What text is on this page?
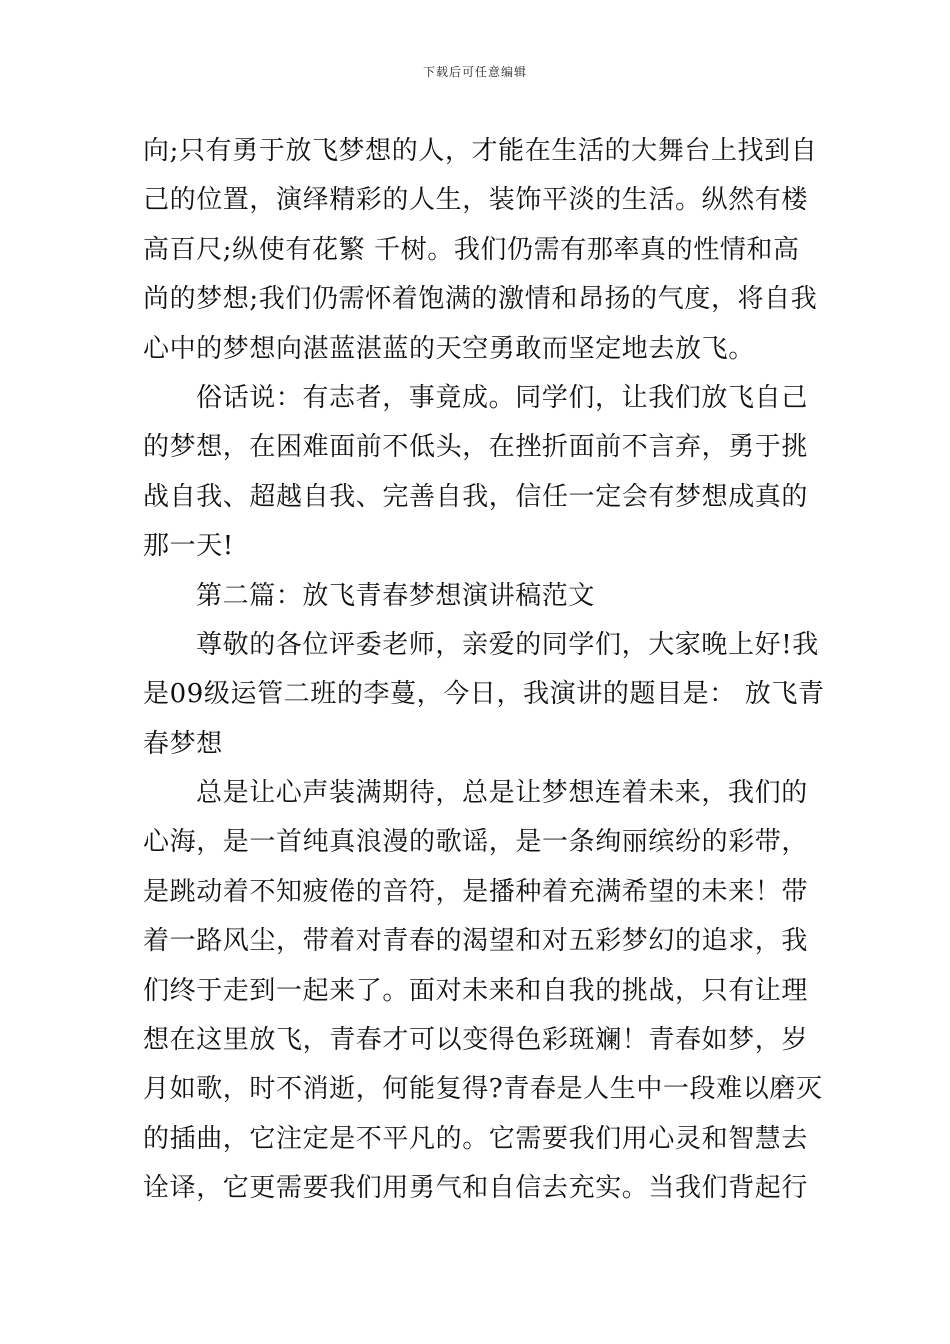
下载后可任意编辑
向;只有勇于放飞梦想的人，才能在生活的大舞台上找到自
己的位置，演绎精彩的人生，装饰平淡的生活。纵然有楼
高百尺;纵使有花繁 千树。我们仍需有那率真的性情和高
尚的梦想;我们仍需怀着饱满的激情和昂扬的气度，将自我
心中的梦想向湛蓝湛蓝的天空勇敢而坚定地去放飞。
俗话说：有志者，事竟成。同学们，让我们放飞自己
的梦想，在困难面前不低头，在挫折面前不言弃，勇于挑
战自我、超越自我、完善自我，信任一定会有梦想成真的
那一天!
第二篇：放飞青春梦想演讲稿范文
尊敬的各位评委老师，亲爱的同学们，大家晚上好!我
是09级运管二班的李蔓，今日，我演讲的题目是： 放飞青
春梦想
总是让心声装满期待，总是让梦想连着未来，我们的
心海，是一首纯真浪漫的歌谣，是一条绚丽缤纷的彩带，
是跳动着不知疲倦的音符，是播种着充满希望的未来！带
着一路风尘，带着对青春的渴望和对五彩梦幻的追求，我
们终于走到一起来了。面对未来和自我的挑战，只有让理
想在这里放飞，青春才可以变得色彩斑斓！青春如梦，岁
月如歌，时不消逝，何能复得?青春是人生中一段难以磨灭
的插曲，它注定是不平凡的。它需要我们用心灵和智慧去
诠译，它更需要我们用勇气和自信去充实。当我们背起行
